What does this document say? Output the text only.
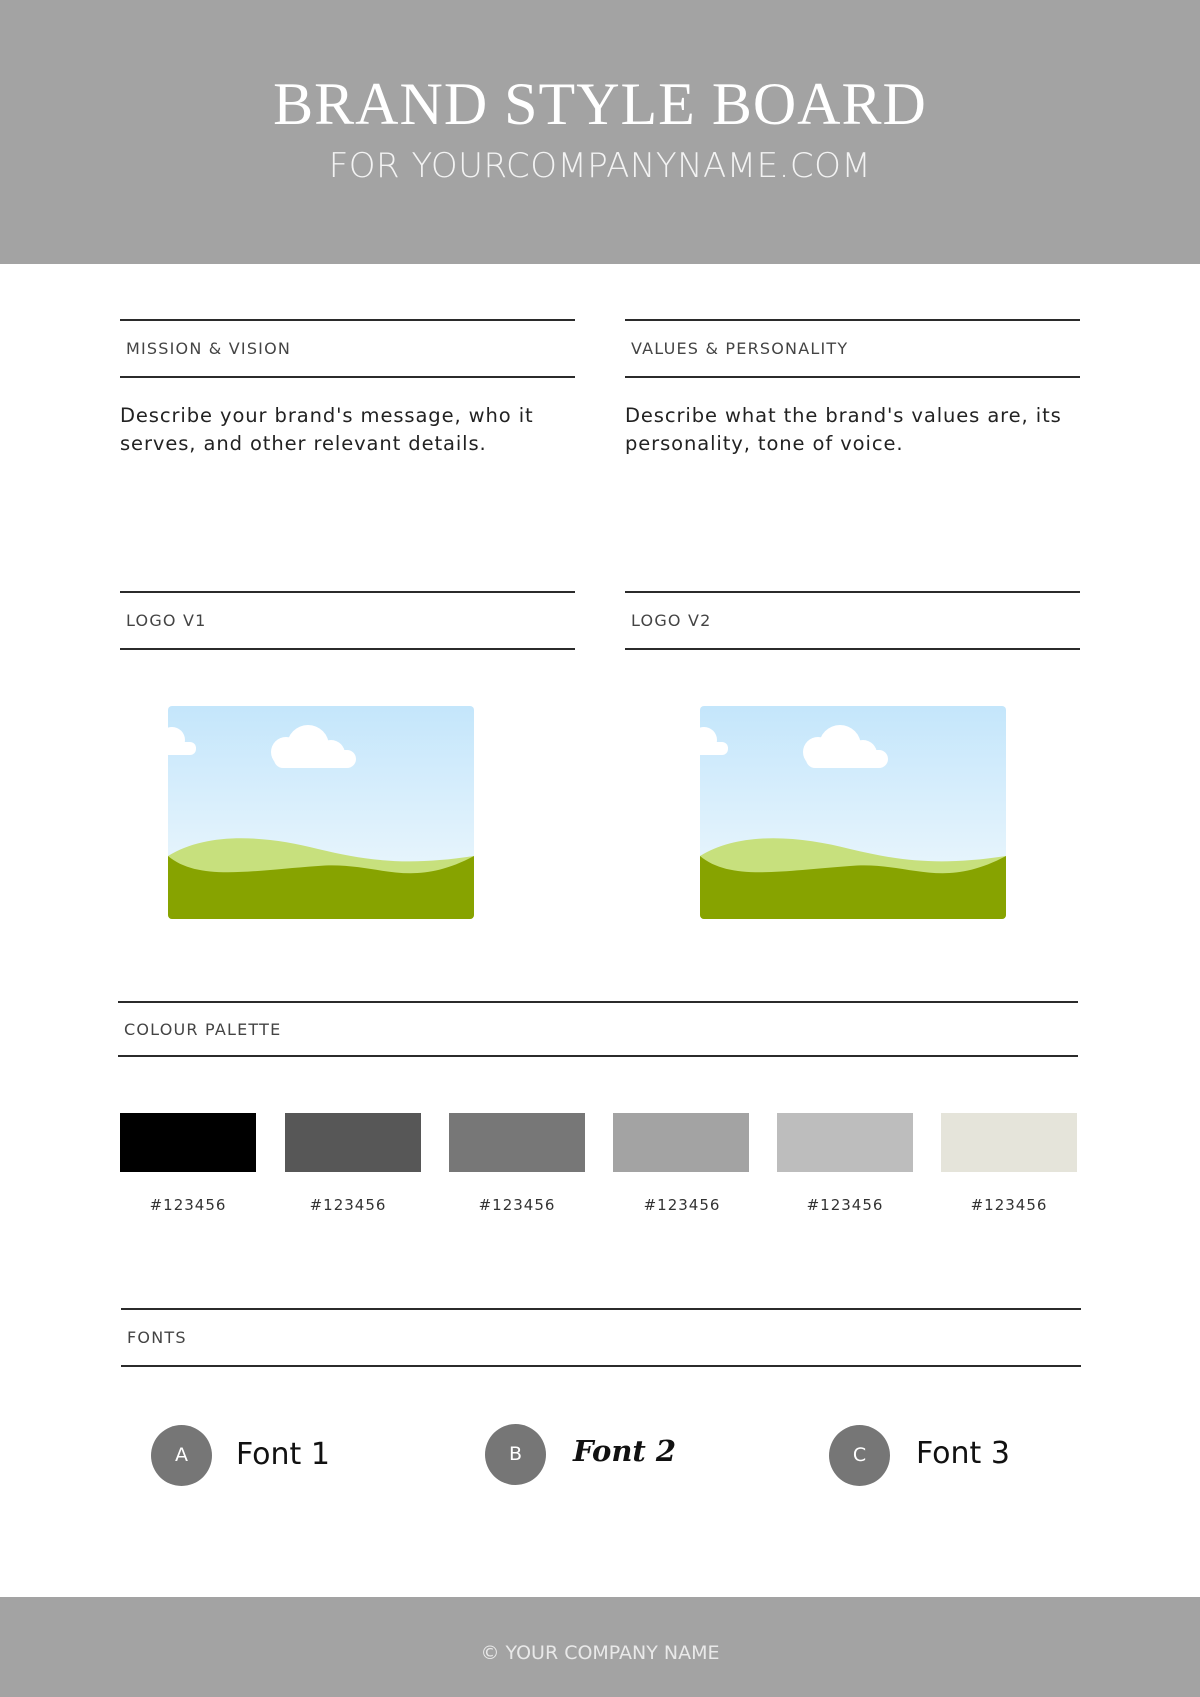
BRAND STYLE BOARD
FOR YOURCOMPANYNAME.COM
MISSION & VISION
Describe your brand's message, who it serves, and other relevant details.
VALUES & PERSONALITY
Describe what the brand's values are, its personality, tone of voice.
LOGO V1	LOGO V2
COLOUR PALETTE
#123456	#123456	#123456	#123456	#123456	#123456
FONTS
A	Font 1	B	Font 2	C	Font 3
© YOUR COMPANY NAME
